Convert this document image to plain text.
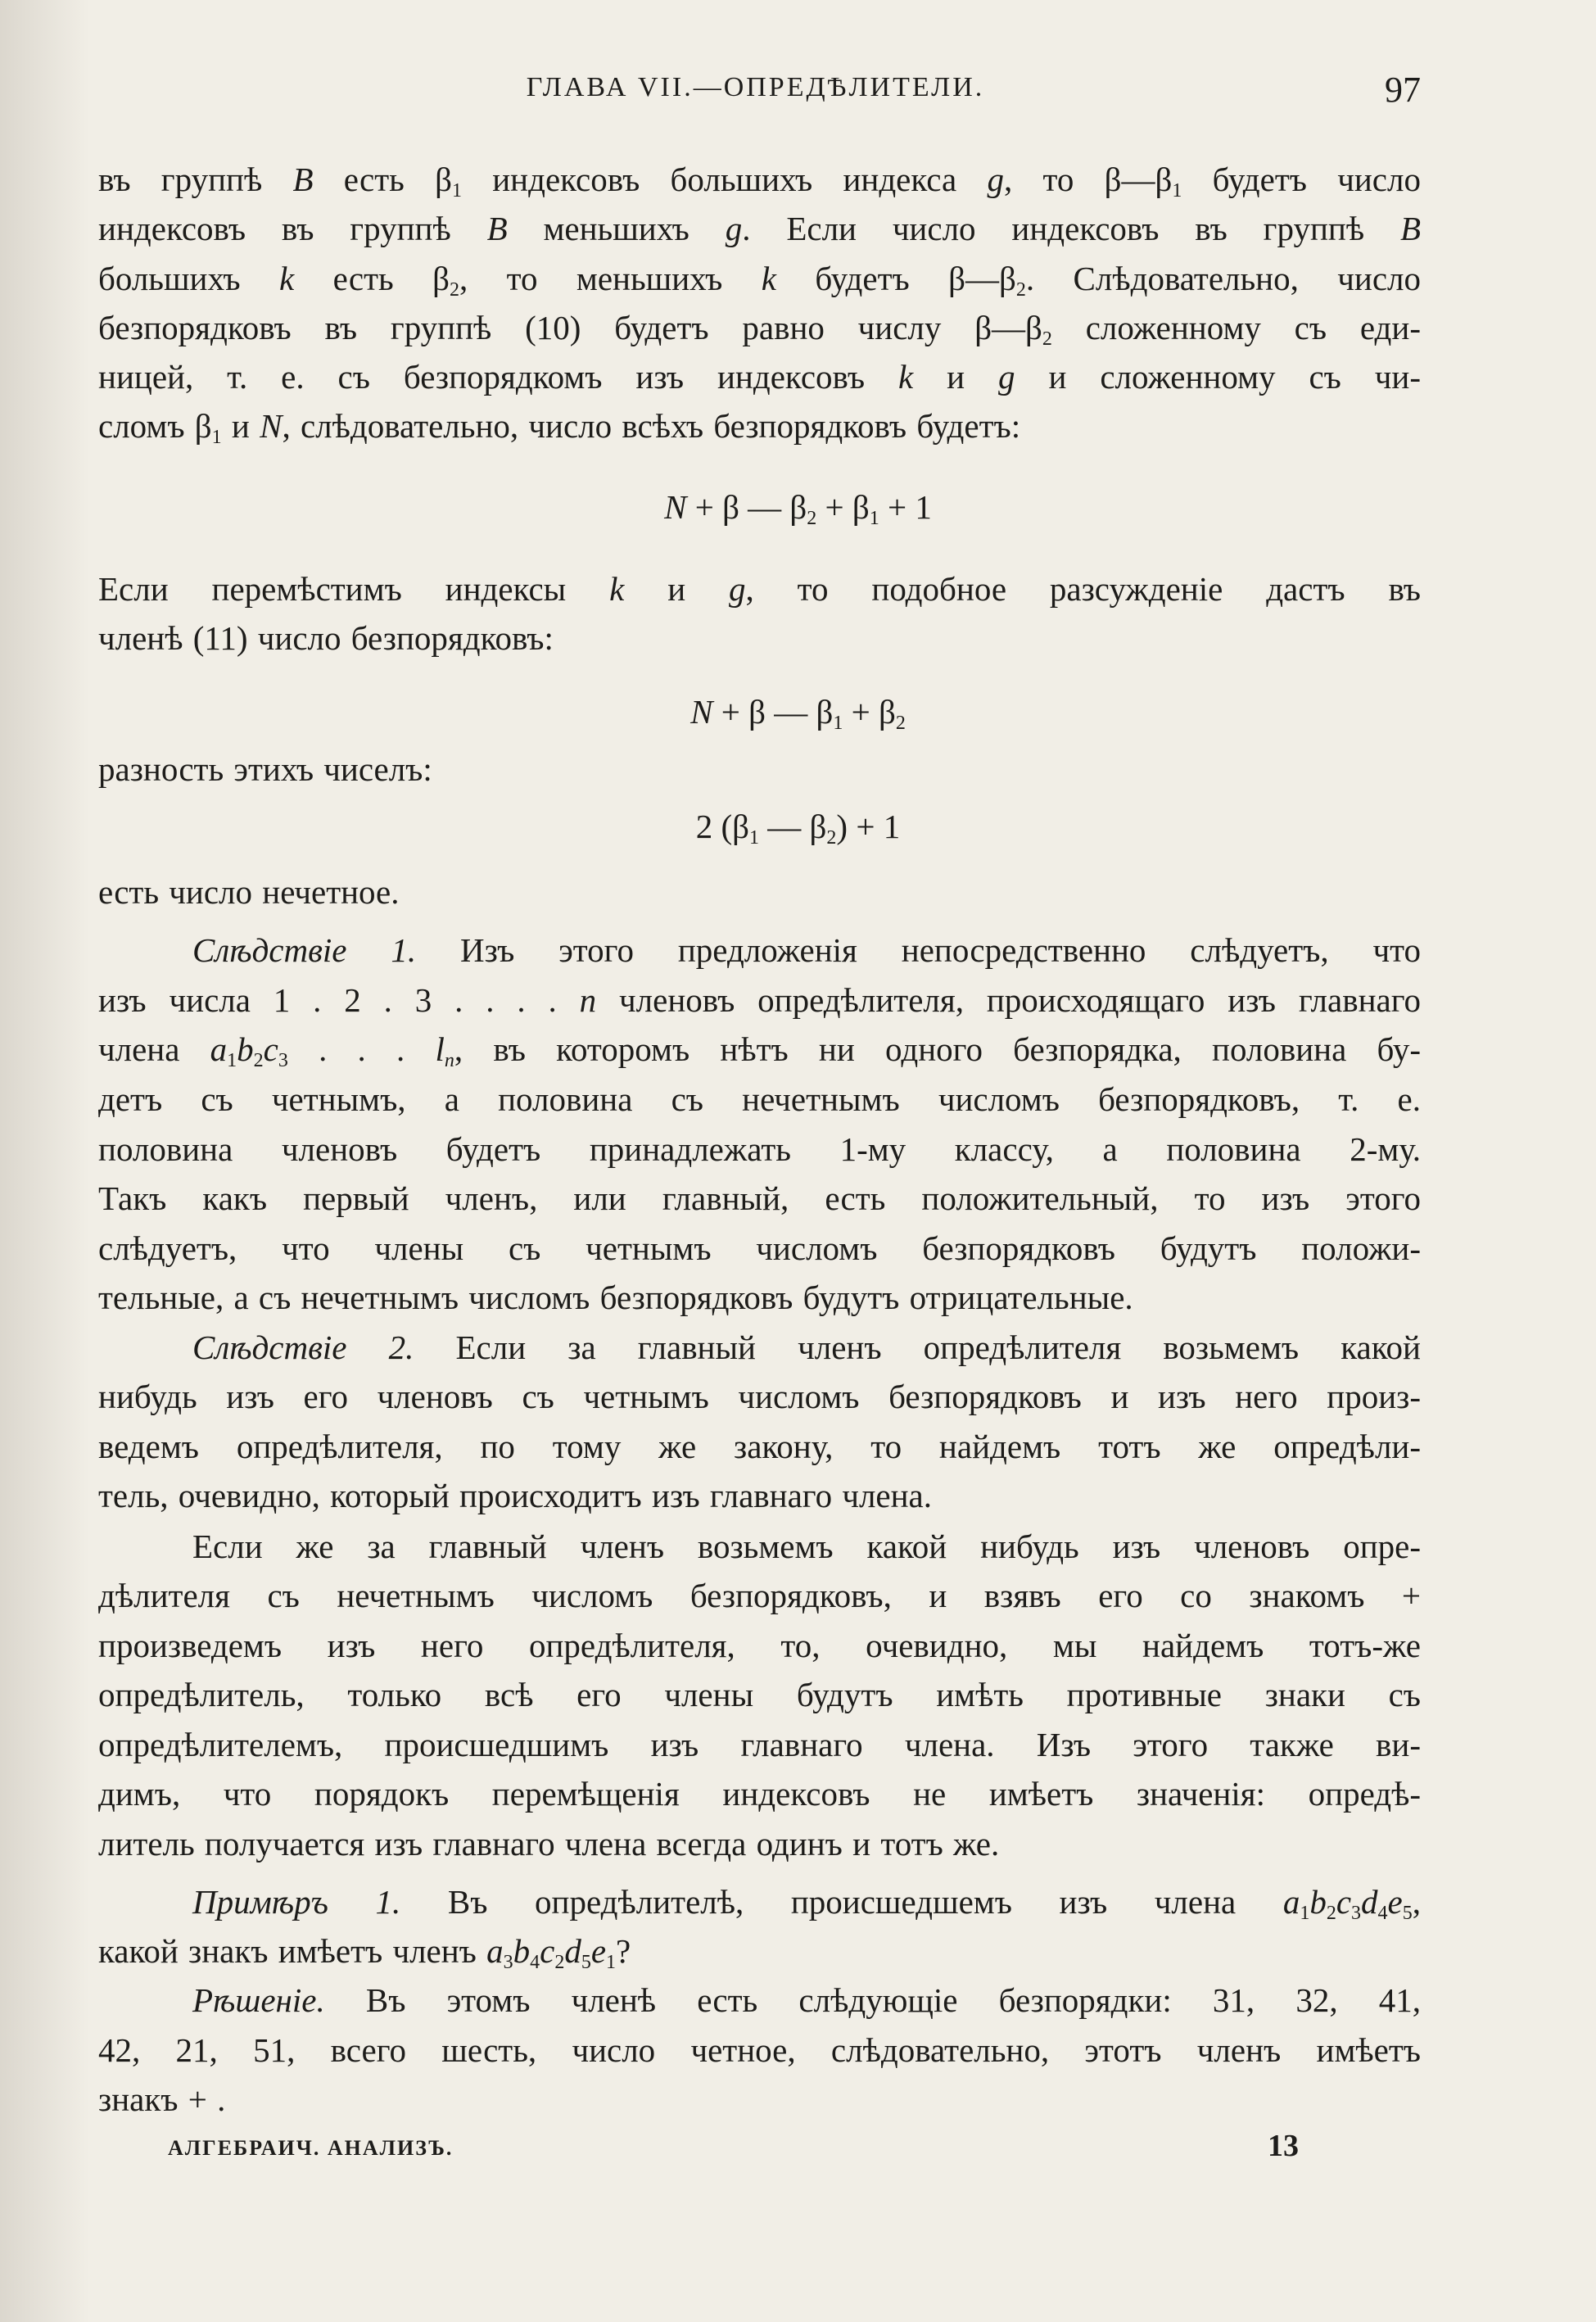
ГЛАВА VII.—ОПРЕДѢЛИТЕЛИ.	97
въ группѣ B есть $\beta_1$ индексовъ большихъ индекса g, то $\beta—\beta_1$ будетъ число
индексовъ въ группѣ B меньшихъ g. Если число индексовъ въ группѣ B
большихъ k есть $\beta_2$, то меньшихъ k будетъ $\beta—\beta_2$. Слѣдовательно, число
безпорядковъ въ группѣ (10) будетъ равно числу $\beta—\beta_2$ сложенному съ еди-
ницей, т. е. съ безпорядкомъ изъ индексовъ k и g и сложенному съ чи-
сломъ $\beta_1$ и N, слѣдовательно, число всѣхъ безпорядковъ будетъ:
N + β — $\beta_2 + \beta_1 + 1$
Если перемѣстимъ индексы k и g, то подобное разсужденіе дастъ въ
членѣ (11) число безпорядковъ:
N + β — $\beta_1 + \beta_2$
разность этихъ чиселъ:
2 ($\beta_1$ — $\beta_2) + 1$
есть число нечетное.
Слѣдствіе 1. Изъ этого предложенія непосредственно слѣдуетъ, что
изъ числа 1 . 2 . 3 . . . . n членовъ опредѣлителя, происходящаго изъ главнаго
члена $a_1b_2c_3$ . . . $l_n$, въ которомъ нѣтъ ни одного безпорядка, половина бу-
детъ съ четнымъ, а половина съ нечетнымъ числомъ безпорядковъ, т. е.
половина членовъ будетъ принадлежать 1-му классу, а половина 2-му.
Такъ какъ первый членъ, или главный, есть положительный, то изъ этого
слѣдуетъ, что члены съ четнымъ числомъ безпорядковъ будутъ положи-
тельные, а съ нечетнымъ числомъ безпорядковъ будутъ отрицательные.
Слѣдствіе 2. Если за главный членъ опредѣлителя возьмемъ какой
нибудь изъ его членовъ съ четнымъ числомъ безпорядковъ и изъ него произ-
ведемъ опредѣлителя, по тому же закону, то найдемъ тотъ же опредѣли-
тель, очевидно, который происходитъ изъ главнаго члена.
Если же за главный членъ возьмемъ какой нибудь изъ членовъ опре-
дѣлителя съ нечетнымъ числомъ безпорядковъ, и взявъ его со знакомъ +
произведемъ изъ него опредѣлителя, то, очевидно, мы найдемъ тотъ-же
опредѣлитель, только всѣ его члены будутъ имѣть противные знаки съ
опредѣлителемъ, происшедшимъ изъ главнаго члена. Изъ этого также ви-
димъ, что порядокъ перемѣщенія индексовъ не имѣетъ значенія: опредѣ-
литель получается изъ главнаго члена всегда одинъ и тотъ же.
Примѣръ 1. Въ опредѣлителѣ, происшедшемъ изъ члена $a_1b_2c_3d_4e_5$,
какой знакъ имѣетъ членъ $a_3b_4c_2d_5e_1$?
Рѣшеніе. Въ этомъ членѣ есть слѣдующіе безпорядки: 31, 32, 41,
42, 21, 51, всего шесть, число четное, слѣдовательно, этотъ членъ имѣетъ
знакъ + .
АЛГЕБРАИЧ. АНАЛИЗЪ.	13
